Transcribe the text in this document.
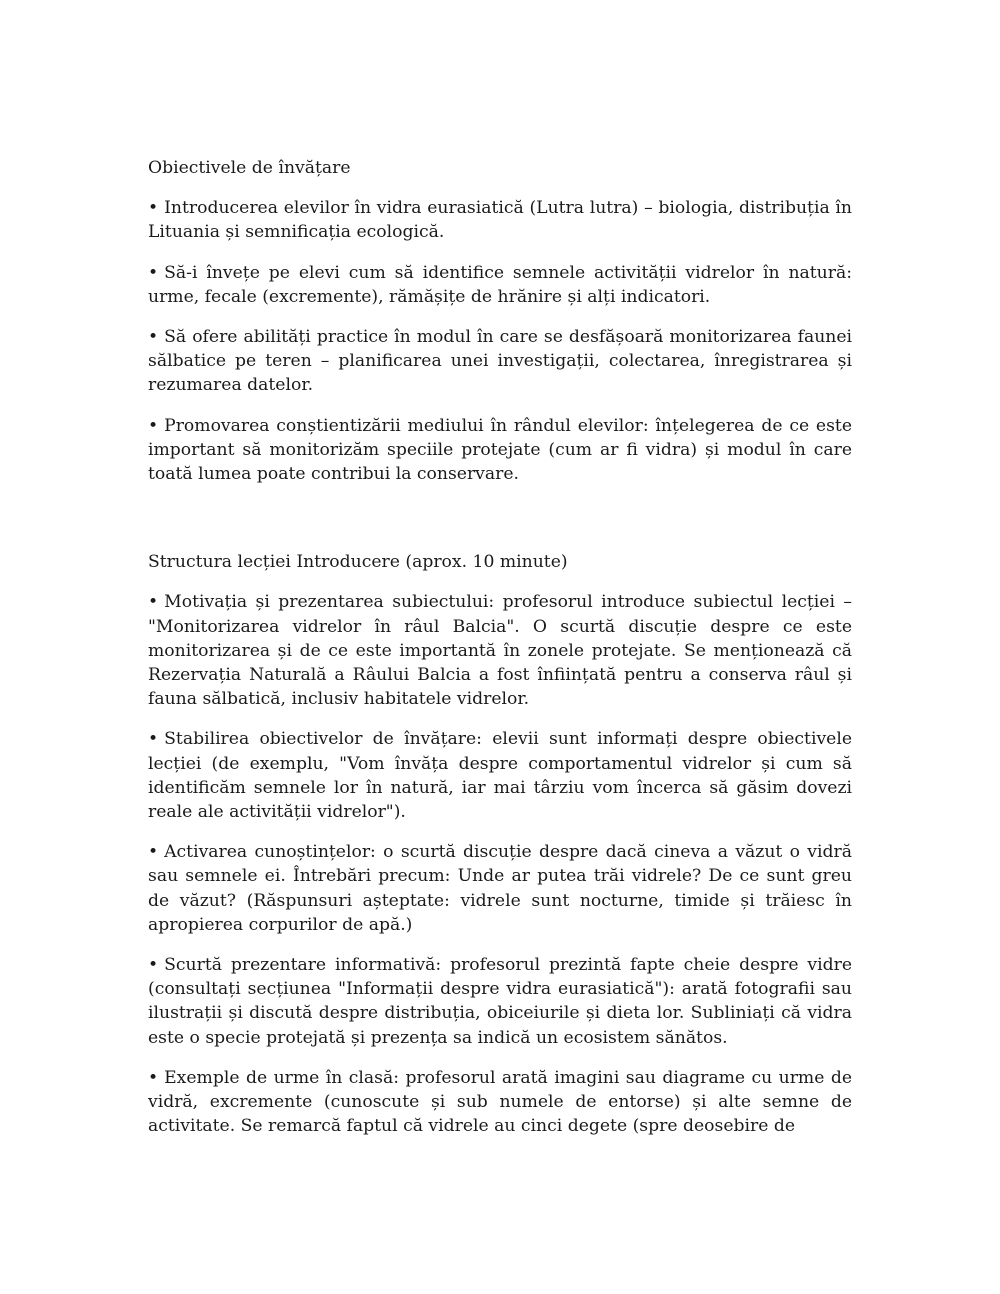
Obiectivele de învățare

• Introducerea elevilor în vidra eurasiatică (Lutra lutra) – biologia, distribuția în Lituania și semnificația ecologică.

• Să-i învețe pe elevi cum să identifice semnele activității vidrelor în natură: urme, fecale (excremente), rămășițe de hrănire și alți indicatori.

• Să ofere abilități practice în modul în care se desfășoară monitorizarea faunei sălbatice pe teren – planificarea unei investigații, colectarea, înregistrarea și rezumarea datelor.

• Promovarea conștientizării mediului în rândul elevilor: înțelegerea de ce este important să monitorizăm speciile protejate (cum ar fi vidra) și modul în care toată lumea poate contribui la conservare.

Structura lecției Introducere (aprox. 10 minute)

• Motivația și prezentarea subiectului: profesorul introduce subiectul lecției – "Monitorizarea vidrelor în râul Balcia". O scurtă discuție despre ce este monitorizarea și de ce este importantă în zonele protejate. Se menționează că Rezervația Naturală a Râului Balcia a fost înființată pentru a conserva râul și fauna sălbatică, inclusiv habitatele vidrelor.

• Stabilirea obiectivelor de învățare: elevii sunt informați despre obiectivele lecției (de exemplu, "Vom învăța despre comportamentul vidrelor și cum să identificăm semnele lor în natură, iar mai târziu vom încerca să găsim dovezi reale ale activității vidrelor").

• Activarea cunoștințelor: o scurtă discuție despre dacă cineva a văzut o vidră sau semnele ei. Întrebări precum: Unde ar putea trăi vidrele? De ce sunt greu de văzut? (Răspunsuri așteptate: vidrele sunt nocturne, timide și trăiesc în apropierea corpurilor de apă.)

• Scurtă prezentare informativă: profesorul prezintă fapte cheie despre vidre (consultați secțiunea "Informații despre vidra eurasiatică"): arată fotografii sau ilustrații și discută despre distribuția, obiceiurile și dieta lor. Subliniați că vidra este o specie protejată și prezența sa indică un ecosistem sănătos.

• Exemple de urme în clasă: profesorul arată imagini sau diagrame cu urme de vidră, excremente (cunoscute și sub numele de entorse) și alte semne de activitate. Se remarcă faptul că vidrele au cinci degete (spre deosebire de
